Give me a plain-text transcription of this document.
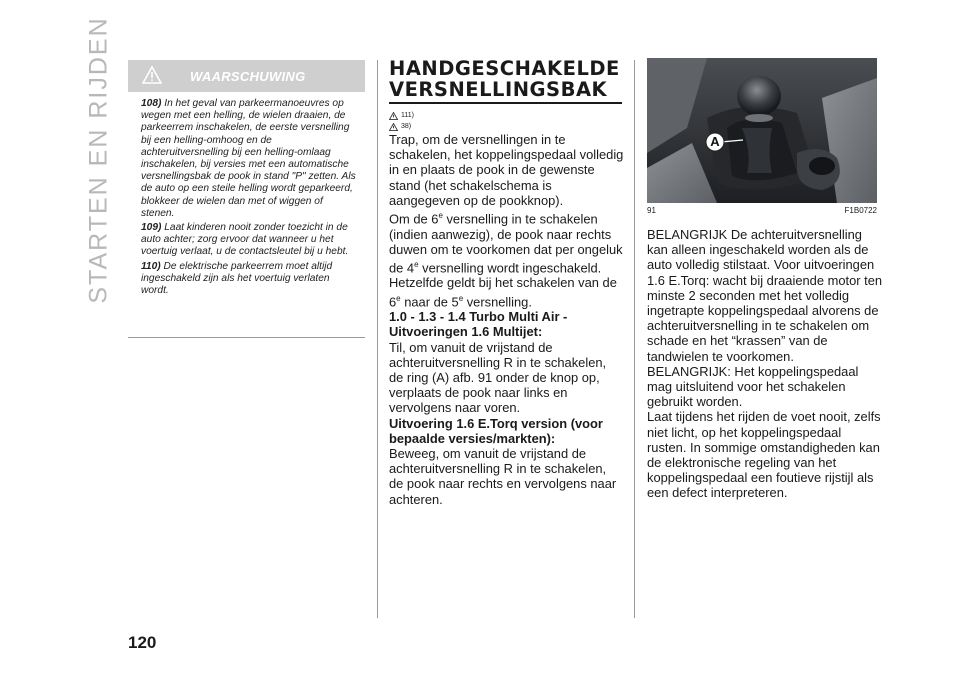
STARTEN EN RIJDEN
120
WAARSCHUWING

108) In het geval van parkeermanoeuvres op wegen met een helling, de wielen draaien, de parkeerrem inschakelen, de eerste versnelling bij een helling-omhoog en de achteruitversnelling bij een helling-omlaag inschakelen, bij versies met een automatische versnellingsbak de pook in stand "P" zetten. Als de auto op een steile helling wordt geparkeerd, blokkeer de wielen dan met of wiggen of stenen.

109) Laat kinderen nooit zonder toezicht in de auto achter; zorg ervoor dat wanneer u het voertuig verlaat, u de contactsleutel bij u hebt.

110) De elektrische parkeerrem moet altijd ingeschakeld zijn als het voertuig verlaten wordt.

HANDGESCHAKELDE
VERSNELLINGSBAK
111)
38)

Trap, om de versnellingen in te schakelen, het koppelingspedaal volledig in en plaats de pook in de gewenste stand (het schakelschema is aangegeven op de pookknop).

Om de 6e versnelling in te schakelen (indien aanwezig), de pook naar rechts duwen om te voorkomen dat per ongeluk de 4e versnelling wordt ingeschakeld. Hetzelfde geldt bij het schakelen van de 6e naar de 5e versnelling.

1.0 - 1.3 - 1.4 Turbo Multi Air - Uitvoeringen 1.6 Multijet:

Til, om vanuit de vrijstand de achteruitversnelling R in te schakelen, de ring (A) afb. 91 onder de knop op, verplaats de pook naar links en vervolgens naar voren.

Uitvoering 1.6 E.Torq version (voor bepaalde versies/markten):

Beweeg, om vanuit de vrijstand de achteruitversnelling R in te schakelen, de pook naar rechts en vervolgens naar achteren.

A
91	F1B0722

BELANGRIJK De achteruitversnelling kan alleen ingeschakeld worden als de auto volledig stilstaat. Voor uitvoeringen 1.6 E.Torq: wacht bij draaiende motor ten minste 2 seconden met het volledig ingetrapte koppelingspedaal alvorens de achteruitversnelling in te schakelen om schade en het “krassen” van de tandwielen te voorkomen.

BELANGRIJK: Het koppelingspedaal mag uitsluitend voor het schakelen gebruikt worden.

Laat tijdens het rijden de voet nooit, zelfs niet licht, op het koppelingspedaal rusten. In sommige omstandigheden kan de elektronische regeling van het koppelingspedaal een foutieve rijstijl als een defect interpreteren.
